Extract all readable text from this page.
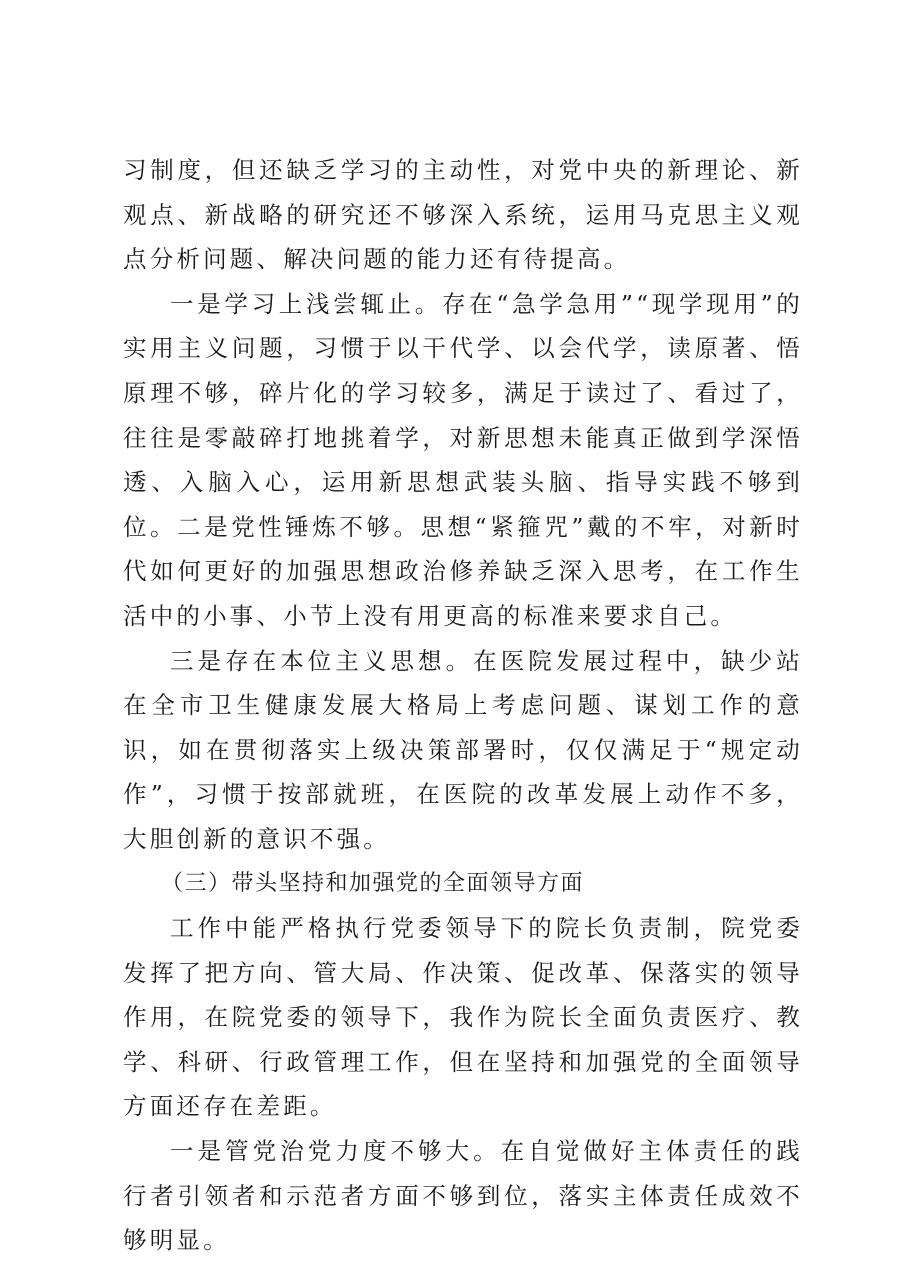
习制度，但还缺乏学习的主动性，对党中央的新理论、新观点、新战略的研究还不够深入系统，运用马克思主义观点分析问题、解决问题的能力还有待提高。

一是学习上浅尝辄止。存在“急学急用”“现学现用”的实用主义问题，习惯于以干代学、以会代学，读原著、悟原理不够，碎片化的学习较多，满足于读过了、看过了，往往是零敲碎打地挑着学，对新思想未能真正做到学深悟透、入脑入心，运用新思想武装头脑、指导实践不够到位。二是党性锤炼不够。思想“紧箍咒”戴的不牢，对新时代如何更好的加强思想政治修养缺乏深入思考，在工作生活中的小事、小节上没有用更高的标准来要求自己。

三是存在本位主义思想。在医院发展过程中，缺少站在全市卫生健康发展大格局上考虑问题、谋划工作的意识，如在贯彻落实上级决策部署时，仅仅满足于“规定动作”，习惯于按部就班，在医院的改革发展上动作不多，大胆创新的意识不强。

（三）带头坚持和加强党的全面领导方面

工作中能严格执行党委领导下的院长负责制，院党委发挥了把方向、管大局、作决策、促改革、保落实的领导作用，在院党委的领导下，我作为院长全面负责医疗、教学、科研、行政管理工作，但在坚持和加强党的全面领导方面还存在差距。

一是管党治党力度不够大。在自觉做好主体责任的践行者引领者和示范者方面不够到位，落实主体责任成效不够明显。
